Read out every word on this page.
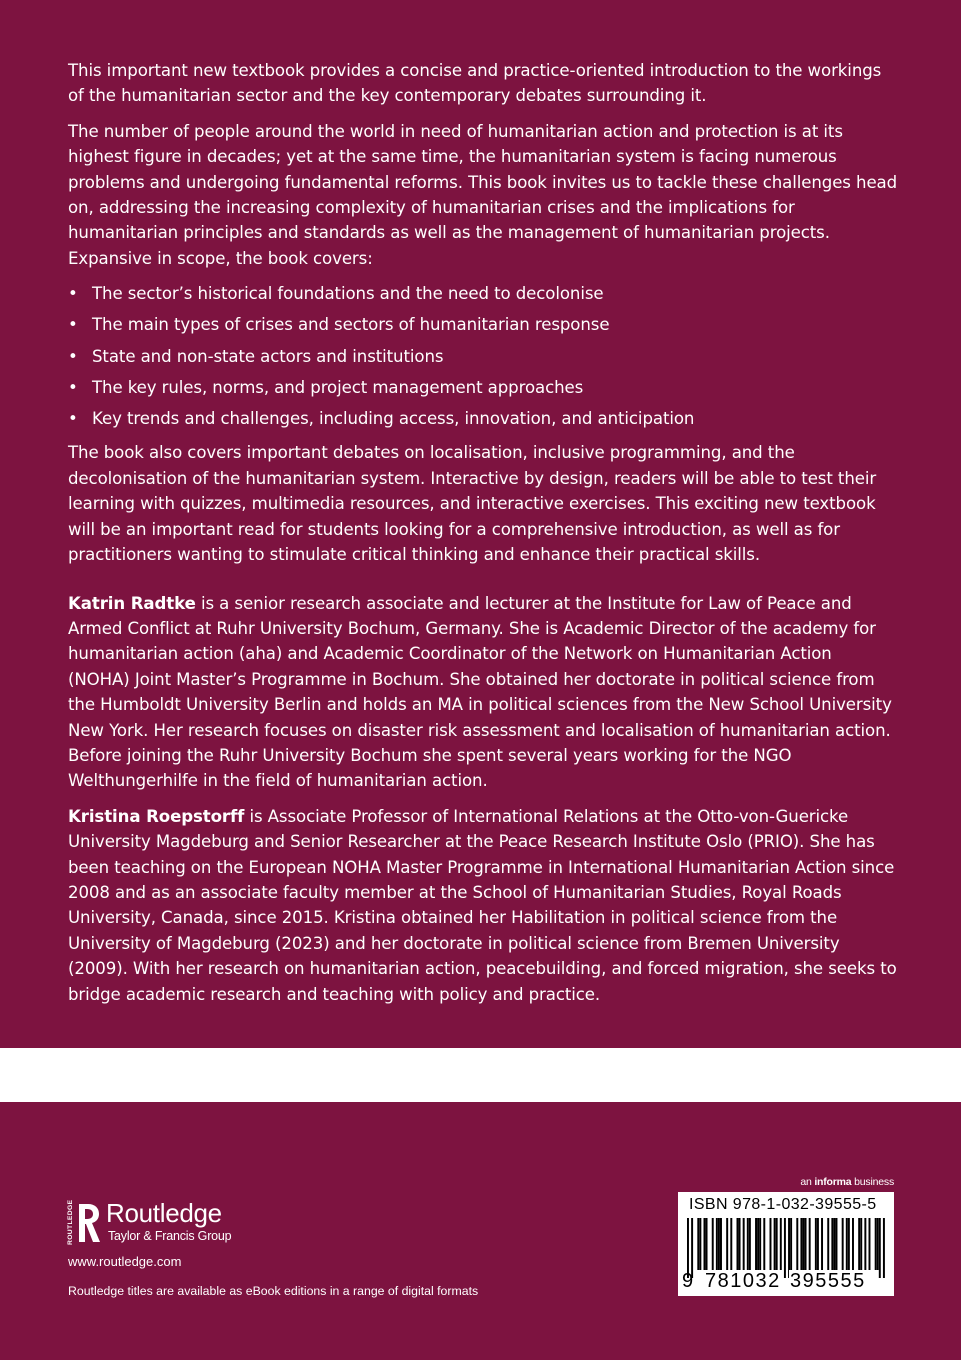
This important new textbook provides a concise and practice-oriented introduction to the workings of the humanitarian sector and the key contemporary debates surrounding it.

The number of people around the world in need of humanitarian action and protection is at its highest figure in decades; yet at the same time, the humanitarian system is facing numerous problems and undergoing fundamental reforms. This book invites us to tackle these challenges head on, addressing the increasing complexity of humanitarian crises and the implications for humanitarian principles and standards as well as the management of humanitarian projects. Expansive in scope, the book covers:

• The sector’s historical foundations and the need to decolonise
• The main types of crises and sectors of humanitarian response
• State and non-state actors and institutions
• The key rules, norms, and project management approaches
• Key trends and challenges, including access, innovation, and anticipation

The book also covers important debates on localisation, inclusive programming, and the decolonisation of the humanitarian system. Interactive by design, readers will be able to test their learning with quizzes, multimedia resources, and interactive exercises. This exciting new textbook will be an important read for students looking for a comprehensive introduction, as well as for practitioners wanting to stimulate critical thinking and enhance their practical skills.

Katrin Radtke is a senior research associate and lecturer at the Institute for Law of Peace and Armed Conflict at Ruhr University Bochum, Germany. She is Academic Director of the academy for humanitarian action (aha) and Academic Coordinator of the Network on Humanitarian Action (NOHA) Joint Master’s Programme in Bochum. She obtained her doctorate in political science from the Humboldt University Berlin and holds an MA in political sciences from the New School University New York. Her research focuses on disaster risk assessment and localisation of humanitarian action. Before joining the Ruhr University Bochum she spent several years working for the NGO Welthungerhilfe in the field of humanitarian action.

Kristina Roepstorff is Associate Professor of International Relations at the Otto-von-Guericke University Magdeburg and Senior Researcher at the Peace Research Institute Oslo (PRIO). She has been teaching on the European NOHA Master Programme in International Humanitarian Action since 2008 and as an associate faculty member at the School of Humanitarian Studies, Royal Roads University, Canada, since 2015. Kristina obtained her Habilitation in political science from the University of Magdeburg (2023) and her doctorate in political science from Bremen University (2009). With her research on humanitarian action, peacebuilding, and forced migration, she seeks to bridge academic research and teaching with policy and practice.

ROUTLEDGE Routledge
Taylor & Francis Group
www.routledge.com
Routledge titles are available as eBook editions in a range of digital formats
an informa business
ISBN 978-1-032-39555-5
9 781032 395555
